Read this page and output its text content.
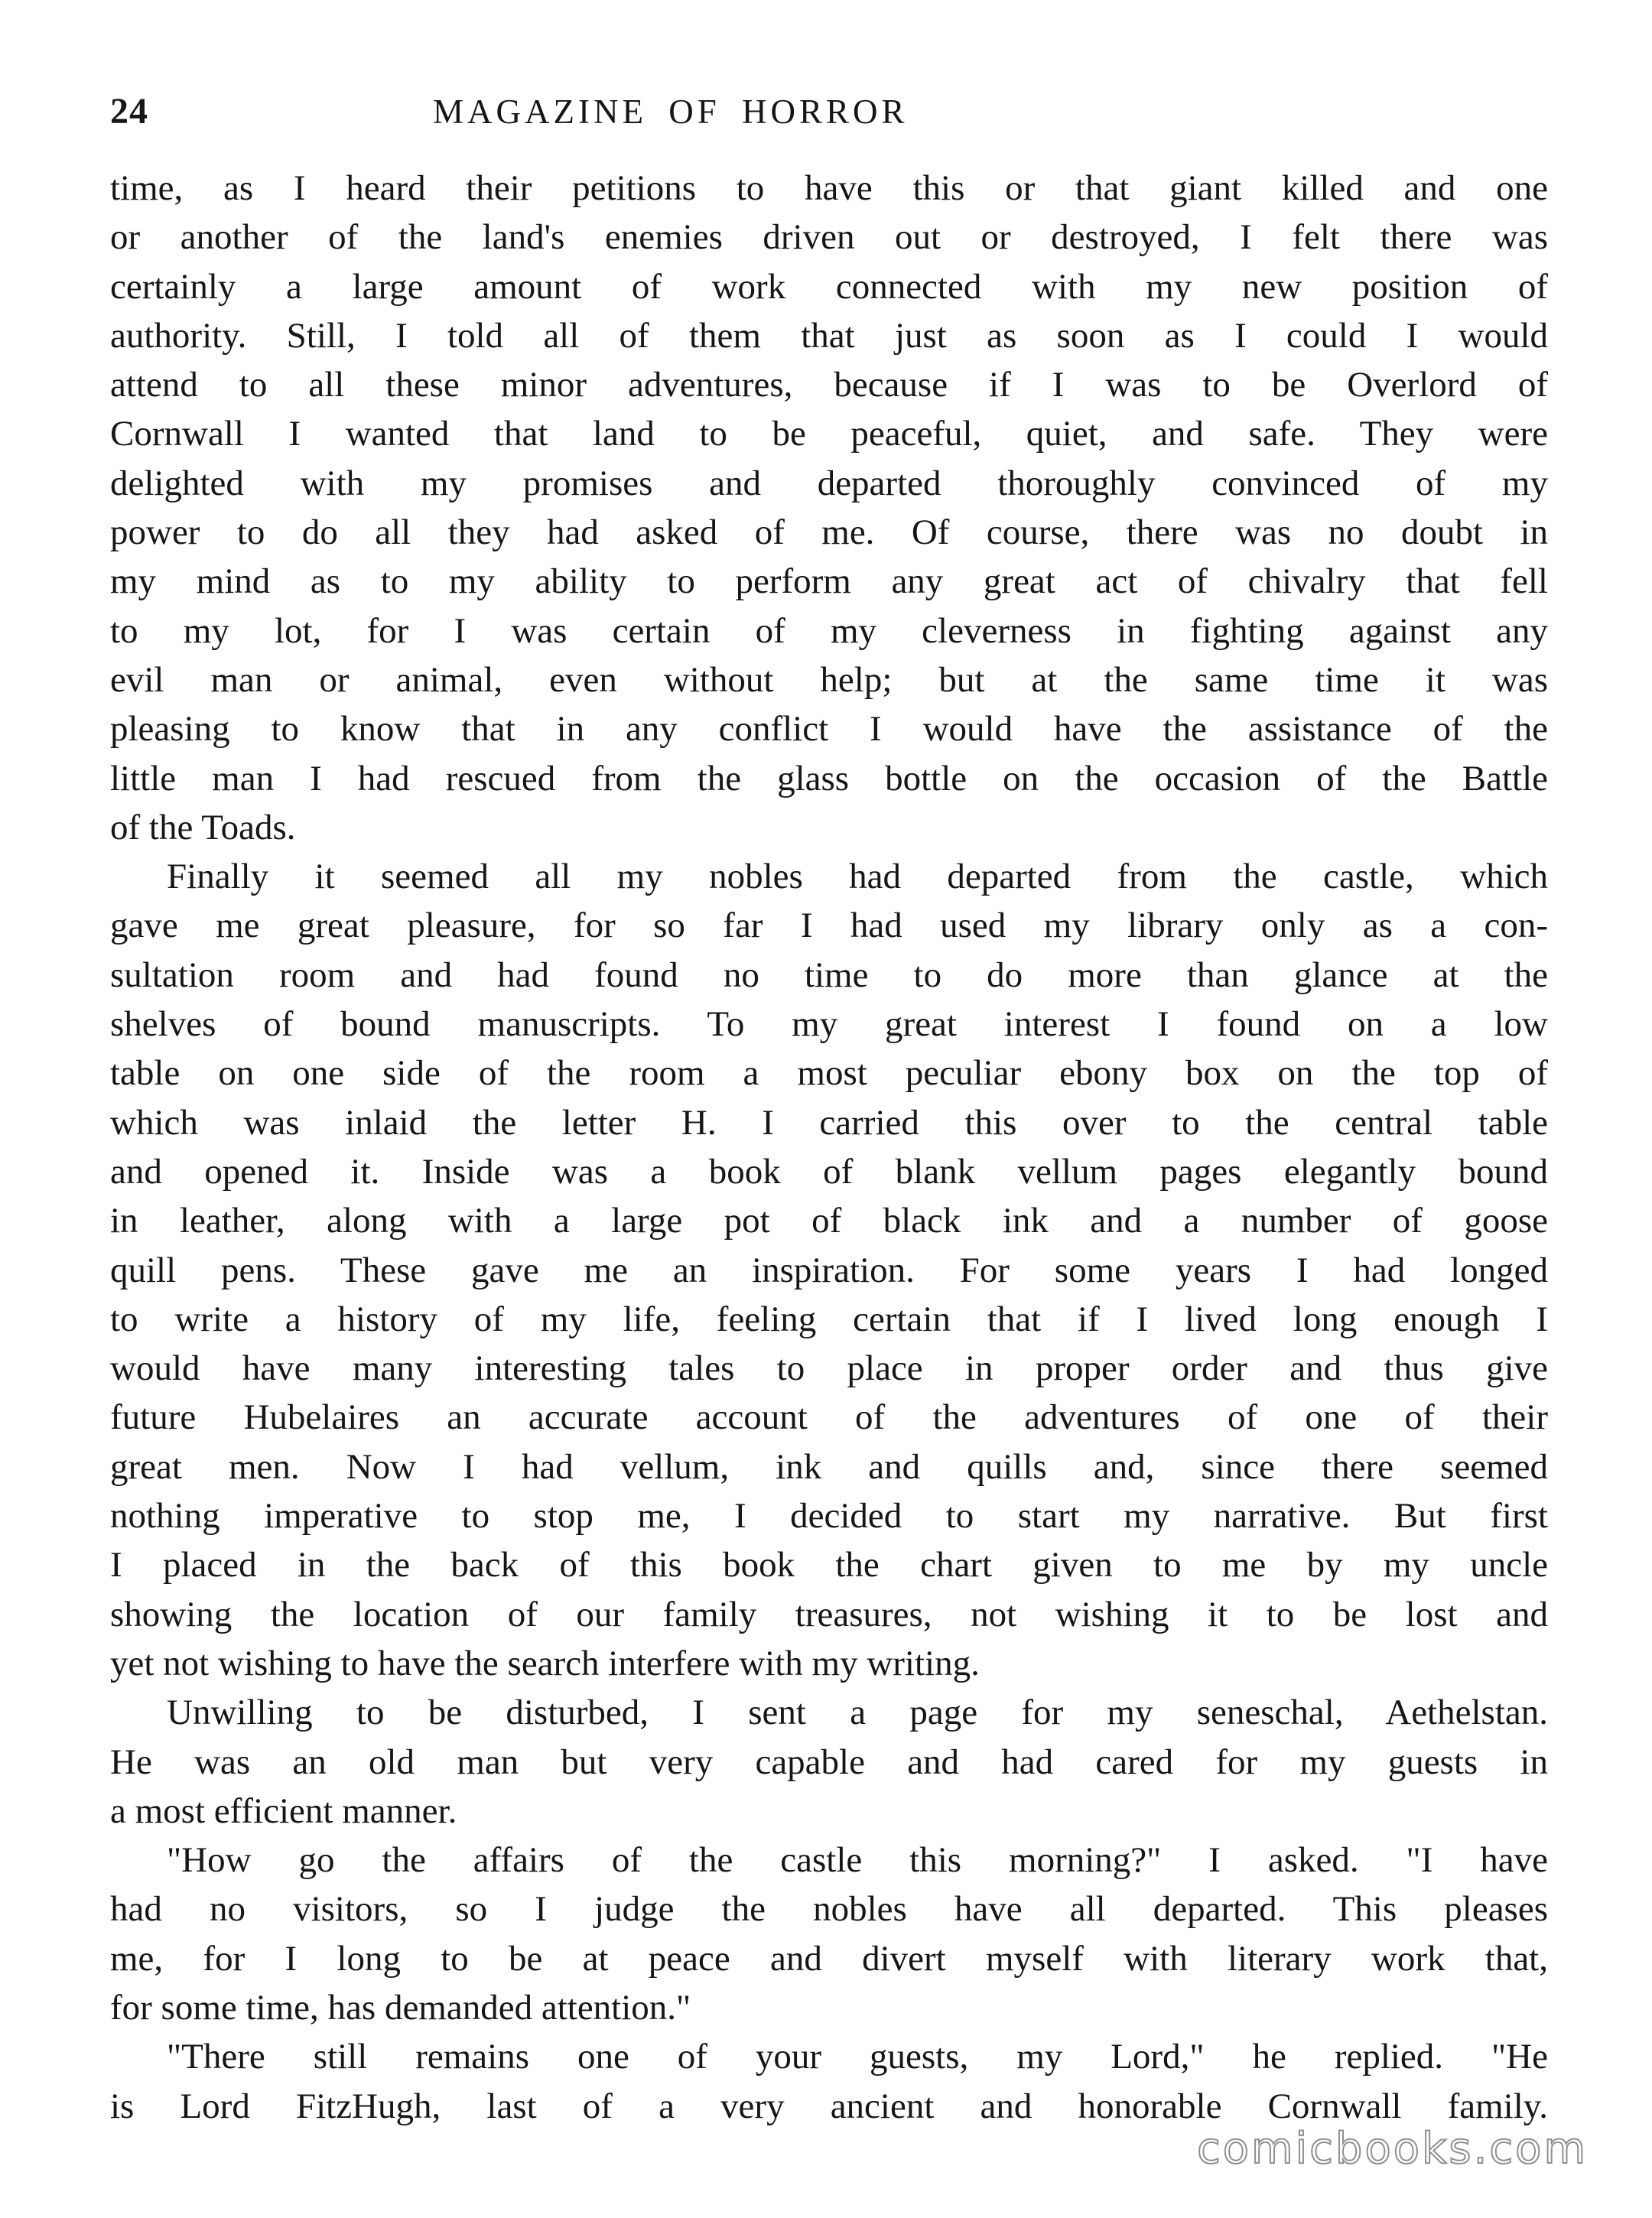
24	MAGAZINE OF HORROR
time, as I heard their petitions to have this or that giant killed and one
or another of the land's enemies driven out or destroyed, I felt there was
certainly a large amount of work connected with my new position of
authority. Still, I told all of them that just as soon as I could I would
attend to all these minor adventures, because if I was to be Overlord of
Cornwall I wanted that land to be peaceful, quiet, and safe. They were
delighted with my promises and departed thoroughly convinced of my
power to do all they had asked of me. Of course, there was no doubt in
my mind as to my ability to perform any great act of chivalry that fell
to my lot, for I was certain of my cleverness in fighting against any
evil man or animal, even without help; but at the same time it was
pleasing to know that in any conflict I would have the assistance of the
little man I had rescued from the glass bottle on the occasion of the Battle
of the Toads.
Finally it seemed all my nobles had departed from the castle, which
gave me great pleasure, for so far I had used my library only as a con-
sultation room and had found no time to do more than glance at the
shelves of bound manuscripts. To my great interest I found on a low
table on one side of the room a most peculiar ebony box on the top of
which was inlaid the letter H. I carried this over to the central table
and opened it. Inside was a book of blank vellum pages elegantly bound
in leather, along with a large pot of black ink and a number of goose
quill pens. These gave me an inspiration. For some years I had longed
to write a history of my life, feeling certain that if I lived long enough I
would have many interesting tales to place in proper order and thus give
future Hubelaires an accurate account of the adventures of one of their
great men. Now I had vellum, ink and quills and, since there seemed
nothing imperative to stop me, I decided to start my narrative. But first
I placed in the back of this book the chart given to me by my uncle
showing the location of our family treasures, not wishing it to be lost and
yet not wishing to have the search interfere with my writing.
Unwilling to be disturbed, I sent a page for my seneschal, Aethelstan.
He was an old man but very capable and had cared for my guests in
a most efficient manner.
"How go the affairs of the castle this morning?" I asked. "I have
had no visitors, so I judge the nobles have all departed. This pleases
me, for I long to be at peace and divert myself with literary work that,
for some time, has demanded attention."
"There still remains one of your guests, my Lord," he replied. "He
is Lord FitzHugh, last of a very ancient and honorable Cornwall family.
comicbooks.com
